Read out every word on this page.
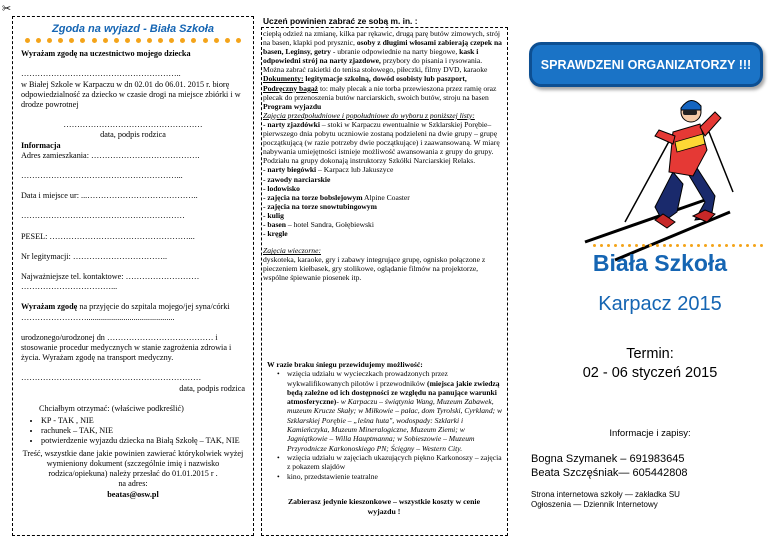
✂
Zgoda na wyjazd - Biała Szkoła

Wyrażam zgodę na uczestnictwo mojego dziecka

…………………………………………………..

w Białej Szkole w Karpaczu w dn 02.01 do 06.01. 2015 r. biorę odpowiedzialność za dziecko w czasie drogi na miejsce zbiórki i w drodze powrotnej

……………………………………………

data, podpis rodzica

Informacja

Adres zamieszkania: ………………………………….

…………………………………………………...

Data i miejsce ur: ...…………………………………..

……………………………………………………

PESEL: ……………………………………………...

Nr legitymacji: ……………………………..

Najważniejsze tel. kontaktowe: ………………………

……………………………...

Wyrażam zgodę na przyjęcie do szpitala mojego/jej syna/córki ……………………...........................................

urodzonego/urodzonej dn ………………………………… i stosowanie procedur medycznych w stanie zagrożenia zdrowia i życia. Wyrażam zgodę na transport medyczny.

…………………………………………………………

data, podpis rodzica

Chciałbym otrzymać: (właściwe podkreślić)

• KP - TAK , NIE
• rachunek – TAK, NIE
• potwierdzenie wyjazdu dziecka na Białą Szkołę – TAK, NIE

Treść, wszystkie dane jakie powinien zawierać którykolwiek wyżej wymieniony dokument (szczególnie imię i nazwisko rodzica/opiekuna) należy przesłać do 01.01.2015 r .

na adres:

beatas@osw.pl

Uczeń powinien zabrać ze sobą m. in. :

ciepłą odzież na zmianę, kilka par rękawic, drugą parę butów zimowych, strój na basen, klapki pod prysznic, osoby z długimi włosami zabierają czepek na basen, Leginsy, getry - ubranie odpowiednie na narty biegowe, kask i odpowiedni strój na narty zjazdowe, przybory do pisania i rysowania. Można zabrać rakietki do tenisa stołowego, piłeczki, filmy DVD, karaoke

Dokumenty: legitymacje szkolną, dowód osobisty lub paszport,

Podręczny bagaż to: mały plecak a nie torba przewieszona przez ramię oraz plecak do przenoszenia butów narciarskich, swoich butów, stroju na basen

Program wyjazdu

Zajęcia przedpołudniowe i popołudniowe do wyboru z poniższej listy:

- narty zjazdówki – stoki w Karpaczu ewentualnie w Szklarskiej Porębie– pierwszego dnia pobytu uczniowie zostaną podzieleni na dwie grupy – grupę początkującą (w razie potrzeby dwie początkujące) i zaawansowaną. W miarę nabywania umiejętności istnieje możliwość awansowania z grupy do grupy. Podziału na grupy dokonają instruktorzy Szkółki Narciarskiej Relaks.

- narty biegówki – Karpacz lub Jakuszyce

- zawody narciarskie

- lodowisko

- zajęcia na torze bobslejowym Alpine Coaster

- zajęcia na torze snowtubingowym

- kulig

- basen – hotel Sandra, Gołębiewski

- kręgle

Zajęcia wieczorne:

dyskoteka, karaoke, gry i zabawy integrujące grupę, ognisko połączone z pieczeniem kiełbasek, gry stolikowe, oglądanie filmów na projektorze, wspólne śpiewanie piosenek itp.

W razie braku śniegu przewidujemy możliwość:

• wzięcia udziału w wycieczkach prowadzonych przez wykwalifikowanych pilotów i przewodników (miejsca jakie zwiedzą będą zależne od ich dostępności ze względu na panujące warunki atmosferyczne)- w Karpaczu – świątynia Wang, Muzeum Zabawek, muzeum Krucze Skały; w Miłkowie – pałac, dom Tyrolski, Cyrkland; w Szklarskiej Porębie – „leśna huta", wodospady: Szklarki i Kamieńczyka, Muzeum Mineralogiczne, Muzeum Ziemi; w Jagniątkowie – Willa Hauptmanna; w Sobieszowie – Muzeum Przyrodnicze Karkonoskiego PN; Ścięgny – Western City.
• wzięcia udziału w zajęciach ukazujących piękno Karkonoszy – zajęcia z pokazem slajdów
• kino, przedstawienie teatralne
Zabierasz jedynie kieszonkowe – wszystkie koszty w cenie wyjazdu !
SPRAWDZENI ORGANIZATORZY !!!
Biała Szkoła
Karpacz 2015
Termin:
02 - 06 styczeń 2015
Informacje i zapisy:
Bogna Szymanek – 691983645
Beata Szczęśniak— 605442808
Strona internetowa szkoły — zakładka SU
Ogłoszenia — Dziennik Internetowy
